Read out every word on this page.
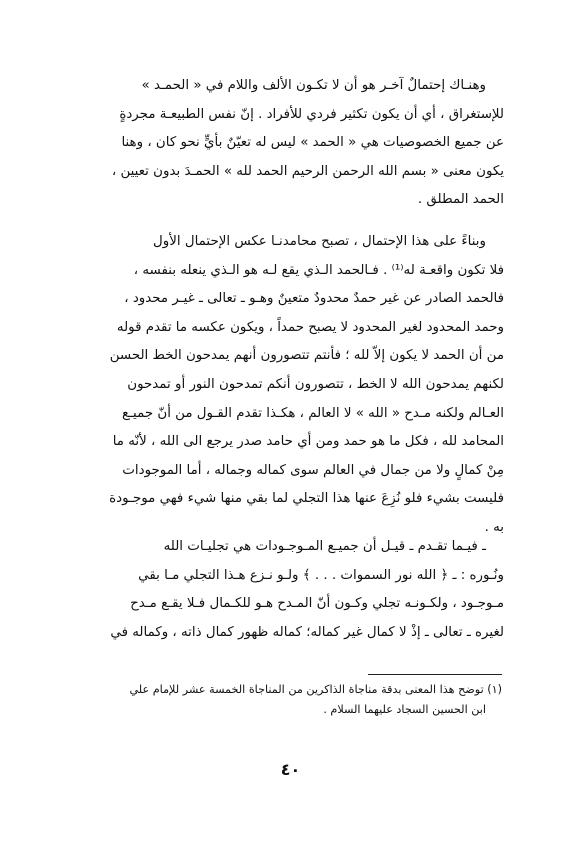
وهنـاك إحتمالٌ آخـر هو أن لا تكـون الألف واللام في « الحمـد »
للإستغراق ، أي أن يكون تكثير فردي للأفراد . إنّ نفس الطبيعـة مجردةٍ
عن جميع الخصوصيات هي « الحمد » ليس له تعيّنٌ بأيٍّ نحو كان ، وهنا
يكون معنى « بسم الله الرحمن الرحيم الحمد لله » الحمـدَ بدون تعيين ،
الحمد المطلق .
وبناءً على هذا الإحتمال ، تصبح محامدنـا عكس الإحتمال الأول
فلا تكون واقعـة له⁽¹⁾ . فـالحمد الـذي يقع لـه هو الـذي ينعله بنفسه ،
فالحمد الصادر عن غير حمدٌ محدودٌ متعينٌ وهـو ـ تعالى ـ غيـر محدود ،
وحمد المحدود لغير المحدود لا يصبح حمداً ، ويكون عكسه ما تقدم قوله
من أن الحمد لا يكون إلاّ لله ؛ فأنتم تتصورون أنهم يمدحون الخط الحسن
لكنهم يمدحون الله لا الخط ، تتصورون أنكم تمدحون النور أو تمدحون
العـالم ولكنه مـدح « الله » لا العالم ، هكـذا تقدم القـول من أنّ جميـع
المحامد لله ، فكل ما هو حمد ومن أي حامد صدر يرجع الى الله ، لأنّه ما
مِنْ كمالٍ ولا من جمال في العالم سوى كماله وجماله ، أما الموجودات
فليست بشيء فلو نُزِعَ عنها هذا التجلي لما بقي منها شيء فهي موجـودة
به .
ـ فيـما تقـدم ـ قيـل أن جميـع المـوجـودات هي تجليـات الله
ونُـوره : ـ ﴿ الله نور السموات . . . ﴾ ولـو نـزع هـذا التجلي مـا بقي
مـوجـود ، ولكـونـه تجلي وكـون أنّ المـدح هـو للكـمال فـلا يقـع مـدح
لغيره ـ تعالى ـ إذْ لا كمال غير كماله؛ كماله ظهور كمال ذاته ، وكماله في
(١) توضح هذا المعنى بدقة مناجاة الذاكرين من المناجاة الخمسة عشر للإمام علي
ابن الحسين السجاد عليهما السلام .
٤٠
